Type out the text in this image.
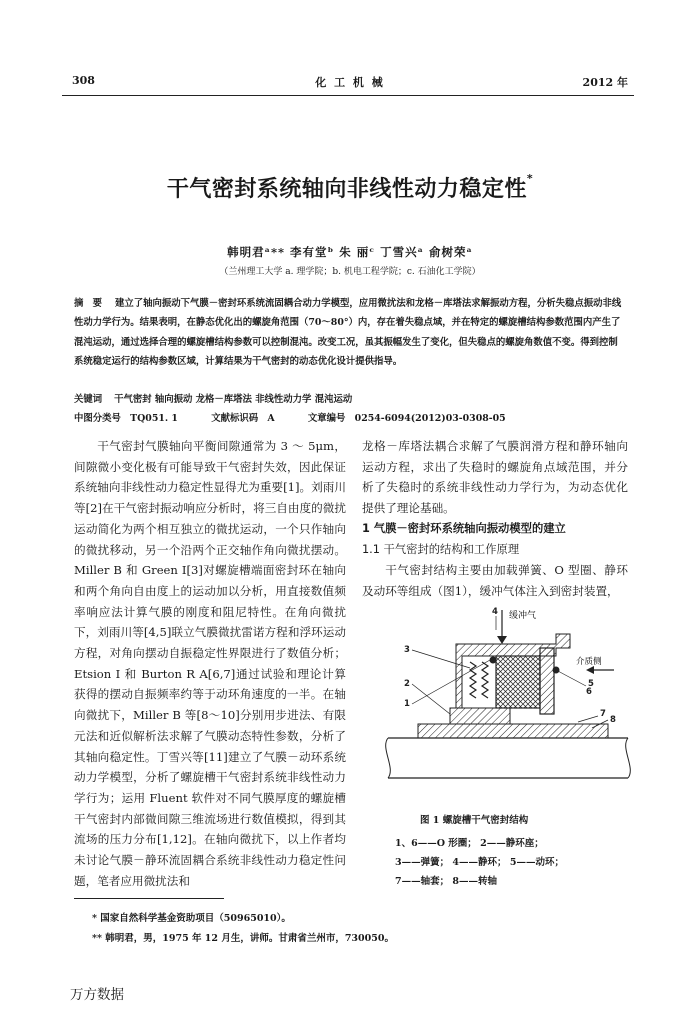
308	化 工 机 械	2012 年
干气密封系统轴向非线性动力稳定性*
韩明君ᵃ** 李有堂ᵇ 朱 丽ᶜ 丁雪兴ᵃ 俞树荣ᵃ
（兰州理工大学 a. 理学院；b. 机电工程学院；c. 石油化工学院）
摘 要 建立了轴向振动下气膜－密封环系统流固耦合动力学模型，应用微扰法和龙格－库塔法求解振动方程，分析失稳点振动非线性动力学行为。结果表明，在静态优化出的螺旋角范围（70～80°）内，存在着失稳点域，并在特定的螺旋槽结构参数范围内产生了混沌运动，通过选择合理的螺旋槽结构参数可以控制混沌。改变工况，虽其振幅发生了变化，但失稳点的螺旋角数值不变。得到控制系统稳定运行的结构参数区域，计算结果为干气密封的动态优化设计提供指导。
关键词 干气密封 轴向振动 龙格－库塔法 非线性动力学 混沌运动
中图分类号 TQ051. 1	文献标识码 A	文章编号 0254-6094(2012)03-0308-05

干气密封气膜轴向平衡间隙通常为 3 ～ 5μm，间隙微小变化极有可能导致干气密封失效，因此保证系统轴向非线性动力稳定性显得尤为重要[1]。刘雨川等[2]在干气密封振动响应分析时，将三自由度的微扰运动简化为两个相互独立的微扰运动，一个只作轴向的微扰移动，另一个沿两个正交轴作角向微扰摆动。Miller B 和 Green I[3]对螺旋槽端面密封环在轴向和两个角向自由度上的运动加以分析，用直接数值频率响应法计算气膜的刚度和阻尼特性。在角向微扰下，刘雨川等[4,5]联立气膜微扰雷诺方程和浮环运动方程，对角向摆动自振稳定性界限进行了数值分析；Etsion I 和 Burton R A[6,7]通过试验和理论计算获得的摆动自振频率约等于动环角速度的一半。在轴向微扰下，Miller B 等[8～10]分别用步进法、有限元法和近似解析法求解了气膜动态特性参数，分析了其轴向稳定性。丁雪兴等[11]建立了气膜－动环系统动力学模型，分析了螺旋槽干气密封系统非线性动力学行为；运用 Fluent 软件对不同气膜厚度的螺旋槽干气密封内部微间隙三维流场进行数值模拟，得到其流场的压力分布[1,12]。在轴向微扰下，以上作者均未讨论气膜－静环流固耦合系统非线性动力稳定性问题，笔者应用微扰法和

龙格－库塔法耦合求解了气膜润滑方程和静环轴向运动方程，求出了失稳时的螺旋角点域范围，并分析了失稳时的系统非线性动力学行为，为动态优化提供了理论基础。

1 气膜－密封环系统轴向振动模型的建立
1.1 干气密封的结构和工作原理

干气密封结构主要由加载弹簧、O 型圈、静环及动环等组成（图1），缓冲气体注入到密封装置，

缓冲气
介质侧
4
3
2
1
6
5
7
8
图 1 螺旋槽干气密封结构
1、6——O 形圈； 2——静环座；
3——弹簧； 4——静环； 5——动环；
7——轴套； 8——转轴
* 国家自然科学基金资助项目（50965010）。
** 韩明君，男，1975 年 12 月生，讲师。甘肃省兰州市，730050。
万方数据
